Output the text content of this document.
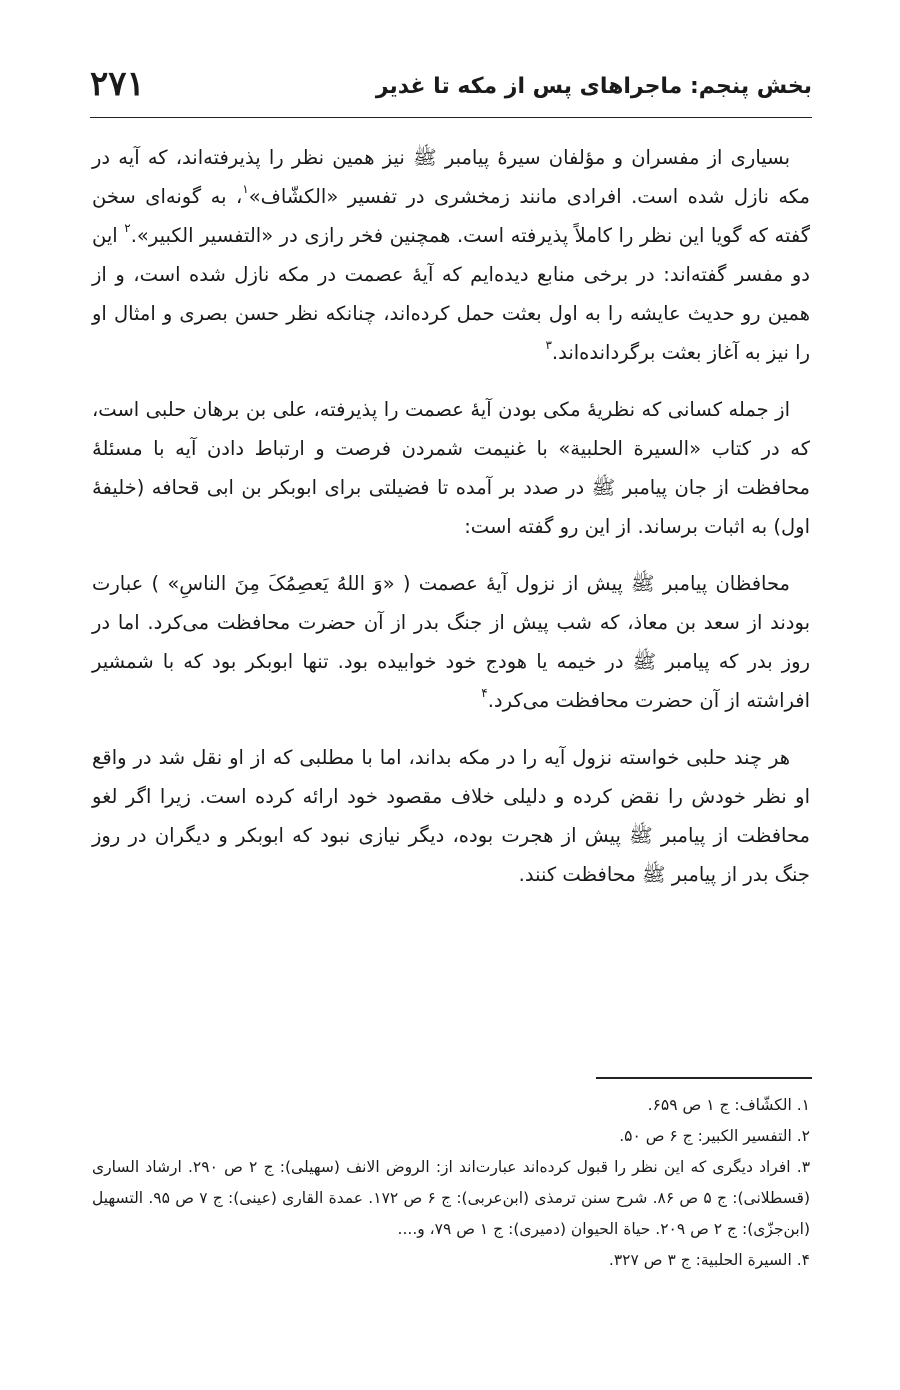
بخش پنجم: ماجراهای پس از مکه تا غدیر
۲۷۱

بسیاری از مفسران و مؤلفان سیرهٔ پیامبر ﷺ نیز همین نظر را پذیرفته‌اند، که آیه در مکه نازل شده است. افرادی مانند زمخشری در تفسیر «الکشّاف»$^۱$، به گونه‌ای سخن گفته که گویا این نظر را کاملاً پذیرفته است. همچنین فخر رازی در «التفسیر الکبیر».$^۲$ این دو مفسر گفته‌اند: در برخی منابع دیده‌ایم که آیهٔ عصمت در مکه نازل شده است، و از همین رو حدیث عایشه را به اول بعثت حمل کرده‌اند، چنانکه نظر حسن بصری و امثال او را نیز به آغاز بعثت برگردانده‌اند.$^۳$

از جمله کسانی که نظریهٔ مکی بودن آیهٔ عصمت را پذیرفته، علی بن برهان حلبی است، که در کتاب «السیرة الحلبیة» با غنیمت شمردن فرصت و ارتباط دادن آیه با مسئلهٔ محافظت از جان پیامبر ﷺ در صدد بر آمده تا فضیلتی برای ابوبکر بن ابی قحافه (خلیفهٔ اول) به اثبات برساند. از این رو گفته است:

محافظان پیامبر ﷺ پیش از نزول آیهٔ عصمت ( «وَ اللهُ یَعصِمُکَ مِنَ الناسِ» ) عبارت بودند از سعد بن معاذ، که شب پیش از جنگ بدر از آن حضرت محافظت می‌کرد. اما در روز بدر که پیامبر ﷺ در خیمه یا هودج خود خوابیده بود. تنها ابوبکر بود که با شمشیر افراشته از آن حضرت محافظت می‌کرد.$^۴$

هر چند حلبی خواسته نزول آیه را در مکه بداند، اما با مطلبی که از او نقل شد در واقع او نظر خودش را نقض کرده و دلیلی خلاف مقصود خود ارائه کرده است. زیرا اگر لغو محافظت از پیامبر ﷺ پیش از هجرت بوده، دیگر نیازی نبود که ابوبکر و دیگران در روز جنگ بدر از پیامبر ﷺ محافظت کنند.

۱. الکشّاف: ج ۱ ص ۶۵۹.

۲. التفسیر الکبیر: ج ۶ ص ۵۰.

۳. افراد دیگری که این نظر را قبول کرده‌اند عبارت‌اند از: الروض الانف (سهیلی): ج ۲ ص ۲۹۰. ارشاد الساری (قسطلانی): ج ۵ ص ۸۶. شرح سنن ترمذی (ابن‌عربی): ج ۶ ص ۱۷۲. عمدة القاری (عینی): ج ۷ ص ۹۵. التسهیل (ابن‌جزّی): ج ۲ ص ۲۰۹. حیاة الحیوان (دمیری): ج ۱ ص ۷۹، و....

۴. السیرة الحلبیة: ج ۳ ص ۳۲۷.
